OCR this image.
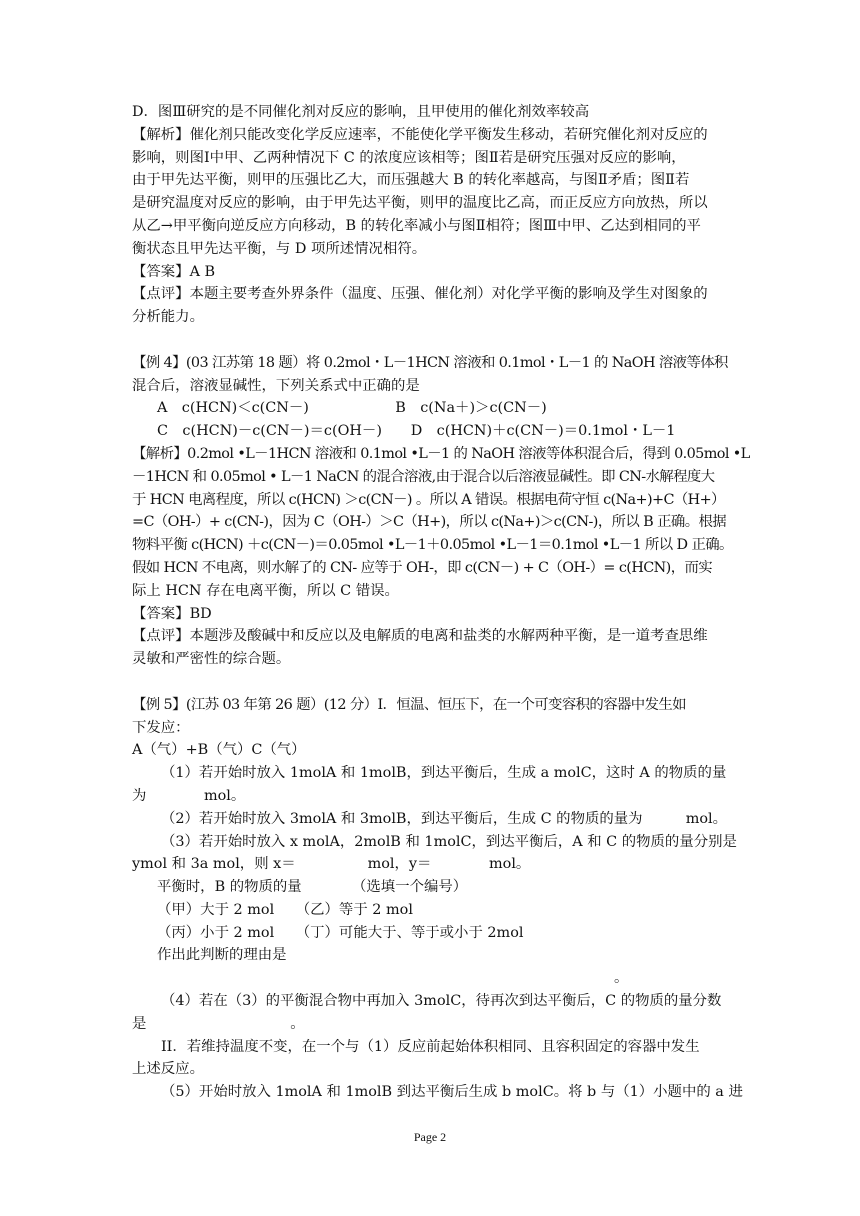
D．图Ⅲ研究的是不同催化剂对反应的影响，且甲使用的催化剂效率较高

【解析】催化剂只能改变化学反应速率，不能使化学平衡发生移动，若研究催化剂对反应的

影响，则图Ⅰ中甲、乙两种情况下 C 的浓度应该相等；图Ⅱ若是研究压强对反应的影响，

由于甲先达平衡，则甲的压强比乙大，而压强越大 B 的转化率越高，与图Ⅱ矛盾；图Ⅱ若

是研究温度对反应的影响，由于甲先达平衡，则甲的温度比乙高，而正反应方向放热，所以

从乙→甲平衡向逆反应方向移动，B 的转化率减小与图Ⅱ相符；图Ⅲ中甲、乙达到相同的平

衡状态且甲先达平衡，与 D 项所述情况相符。

【答案】A B

【点评】本题主要考查外界条件（温度、压强、催化剂）对化学平衡的影响及学生对图象的

分析能力。

【例 4】(03 江苏第 18 题）将 0.2mol・L－1HCN 溶液和 0.1mol・L－1 的 NaOH 溶液等体积

混合后，溶液显碱性，下列关系式中正确的是

A　c(HCN)＜c(CN－)　　　　　　B　c(Na＋)＞c(CN－)

C　c(HCN)－c(CN－)＝c(OH－)　　D　c(HCN)＋c(CN－)＝0.1mol・L－1

【解析】0.2mol •L－1HCN 溶液和 0.1mol •L－1 的 NaOH 溶液等体积混合后，得到 0.05mol •L

－1HCN 和 0.05mol • L－1 NaCN 的混合溶液,由于混合以后溶液显碱性。即 CN-水解程度大

于 HCN 电离程度，所以 c(HCN) ＞c(CN－) 。所以 A 错误。根据电荷守恒 c(Na+)+C（H+）

=C（OH-）+ c(CN-)，因为 C（OH-）＞C（H+)，所以 c(Na+)＞c(CN-)，所以 B 正确。根据

物料平衡 c(HCN) ＋c(CN－)＝0.05mol •L－1＋0.05mol •L－1＝0.1mol •L－1 所以 D 正确。

假如 HCN 不电离，则水解了的 CN- 应等于 OH-，即 c(CN－) + C（OH-）= c(HCN)，而实

际上 HCN 存在电离平衡，所以 C 错误。

【答案】BD

【点评】本题涉及酸碱中和反应以及电解质的电离和盐类的水解两种平衡，是一道考查思维

灵敏和严密性的综合题。

【例 5】(江苏 03 年第 26 题）(12 分）I．恒温、恒压下，在一个可变容积的容器中发生如

下发应：

A（气）+B（气）C（气）

（1）若开始时放入 1molA 和 1molB，到达平衡后，生成 a molC，这时 A 的物质的量

为　　　　mol。

（2）若开始时放入 3molA 和 3molB，到达平衡后，生成 C 的物质的量为　　　mol。

（3）若开始时放入 x molA，2molB 和 1molC，到达平衡后，A 和 C 的物质的量分别是

ymol 和 3a mol，则 x＝　　　　　mol，y＝　　　　mol。

平衡时，B 的物质的量　　　　（选填一个编号）

（甲）大于 2 mol　　（乙）等于 2 mol

（丙）小于 2 mol　　（丁）可能大于、等于或小于 2mol

作出此判断的理由是

。

（4）若在（3）的平衡混合物中再加入 3molC，待再次到达平衡后，C 的物质的量分数

是　　　　　　　　　　。

II．若维持温度不变，在一个与（1）反应前起始体积相同、且容积固定的容器中发生

上述反应。

（5）开始时放入 1molA 和 1molB 到达平衡后生成 b molC。将 b 与（1）小题中的 a 进

Page 2
